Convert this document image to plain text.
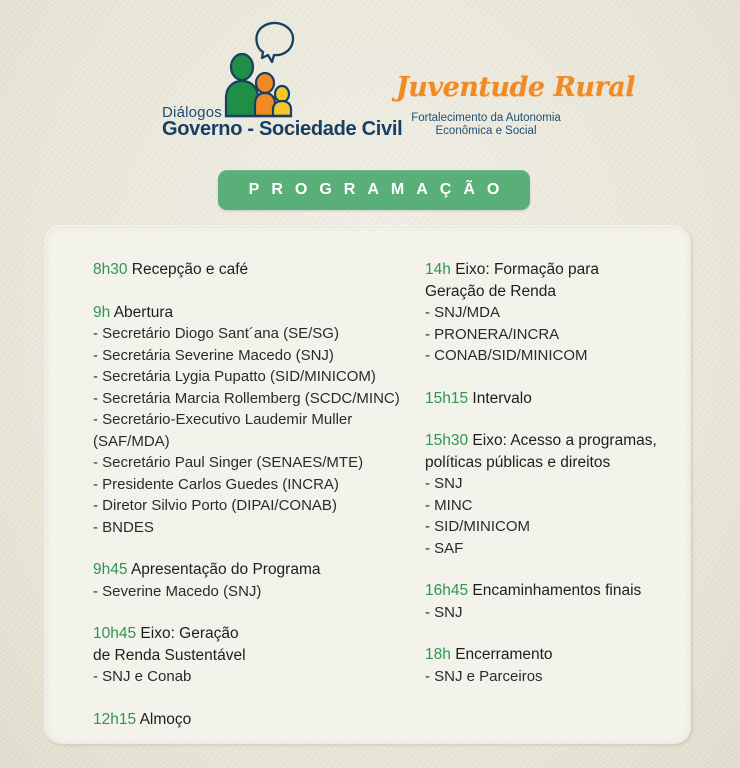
Diálogos
Governo - Sociedade Civil
Juventude Rural
Fortalecimento da Autonomia
Econômica e Social
PROGRAMAÇÃO
8h30 Recepção e café
9h Abertura
- Secretário Diogo Sant´ana (SE/SG)
- Secretária Severine Macedo (SNJ)
- Secretária Lygia Pupatto (SID/MINICOM)
- Secretária Marcia Rollemberg (SCDC/MINC)
- Secretário-Executivo Laudemir Muller
(SAF/MDA)
- Secretário Paul Singer (SENAES/MTE)
- Presidente Carlos Guedes (INCRA)
- Diretor Silvio Porto (DIPAI/CONAB)
- BNDES
9h45 Apresentação do Programa
- Severine Macedo (SNJ)
10h45 Eixo: Geração
de Renda Sustentável
- SNJ e Conab
12h15 Almoço
14h Eixo: Formação para
Geração de Renda
- SNJ/MDA
- PRONERA/INCRA
- CONAB/SID/MINICOM
15h15 Intervalo
15h30 Eixo: Acesso a programas,
políticas públicas e direitos
- SNJ
- MINC
- SID/MINICOM
- SAF
16h45 Encaminhamentos finais
- SNJ
18h Encerramento
- SNJ e Parceiros
